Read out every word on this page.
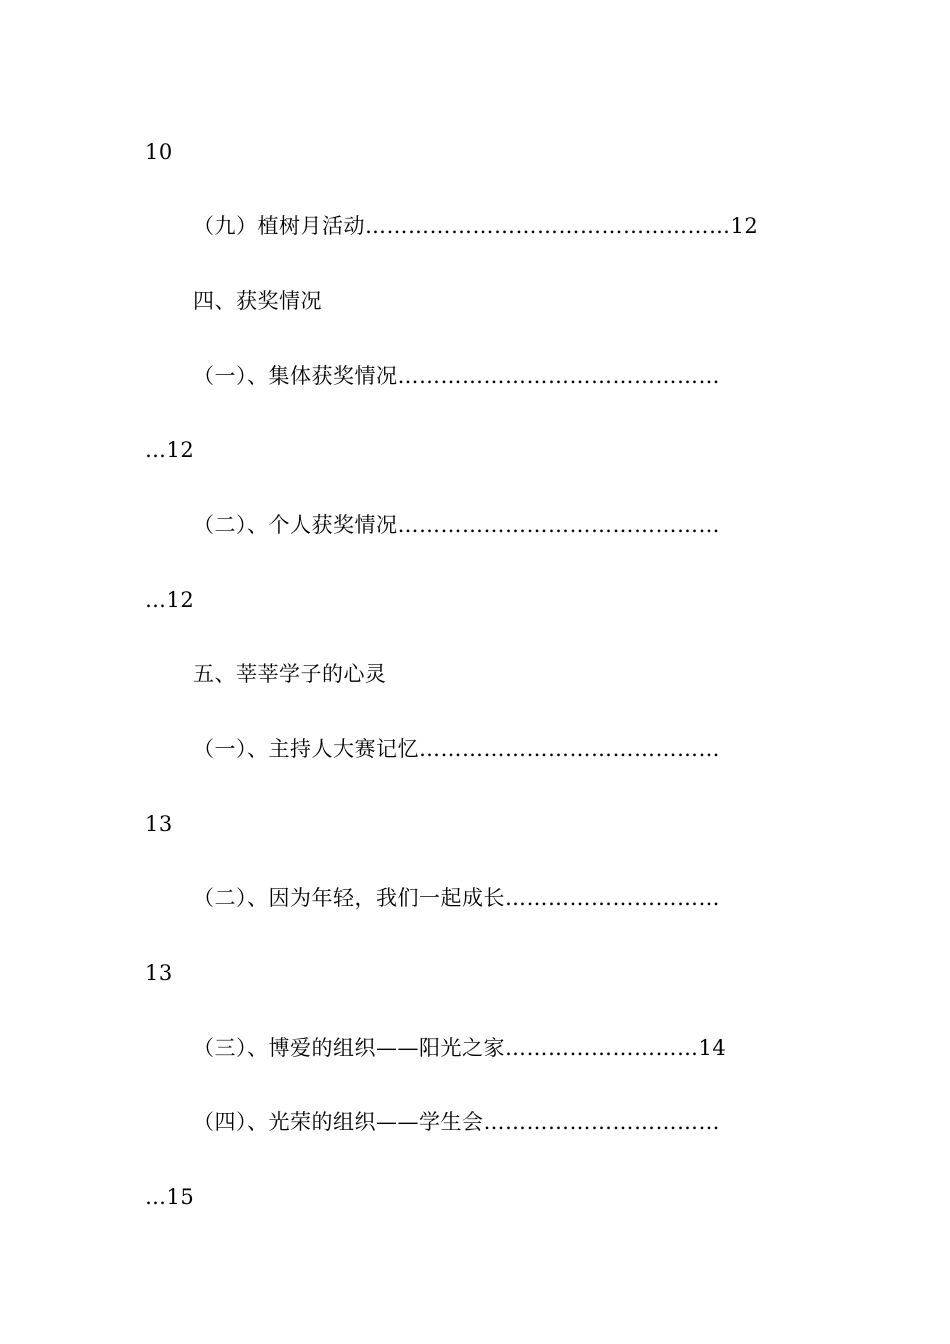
10
（九）植树月活动……………………………………………12
四、获奖情况
（一）、集体获奖情况………………………………………
…12
（二）、个人获奖情况………………………………………
…12
五、莘莘学子的心灵
（一）、主持人大赛记忆……………………………………
13
（二）、因为年轻，我们一起成长…………………………
13
（三）、博爱的组织——阳光之家………………………14
（四）、光荣的组织——学生会……………………………
…15
